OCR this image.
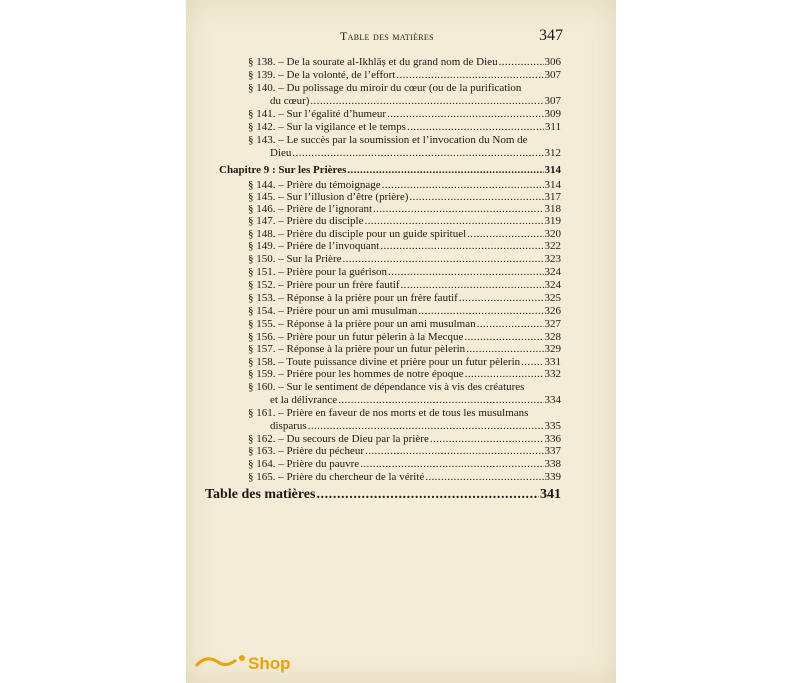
Table des matières	347
§ 138. – De la sourate al-Ikhlāṣ et du grand nom de Dieu .....	306
§ 139. – De la volonté, de l’effort .....	307
§ 140. – Du polissage du miroir du cœur (ou de la purification
du cœur) .....	307
§ 141. – Sur l’égalité d’humeur .....	309
§ 142. – Sur la vigilance et le temps .....	311
§ 143. – Le succès par la soumission et l’invocation du Nom de
Dieu .....	312
Chapitre 9 : Sur les Prières .....	314
§ 144. – Prière du témoignage .....	314
§ 145. – Sur l’illusion d’être (prière) .....	317
§ 146. – Prière de l’ignorant .....	318
§ 147. – Prière du disciple .....	319
§ 148. – Prière du disciple pour un guide spirituel .....	320
§ 149. – Prière de l’invoquant .....	322
§ 150. – Sur la Prière .....	323
§ 151. – Prière pour la guérison .....	324
§ 152. – Prière pour un frère fautif .....	324
§ 153. – Réponse à la prière pour un frère fautif .....	325
§ 154. – Prière pour un ami musulman .....	326
§ 155. – Réponse à la prière pour un ami musulman .....	327
§ 156. – Prière pour un futur pèlerin à la Mecque .....	328
§ 157. – Réponse à la prière pour un futur pèlerin .....	329
§ 158. – Toute puissance divine et prière pour un futur pèlerin ..... 331
§ 159. – Prière pour les hommes de notre époque .....	332
§ 160. – Sur le sentiment de dépendance vis à vis des créatures
et la délivrance .....	334
§ 161. – Prière en faveur de nos morts et de tous les musulmans
disparus .....	335
§ 162. – Du secours de Dieu par la prière .....	336
§ 163. – Prière du pécheur .....	337
§ 164. – Prière du pauvre .....	338
§ 165. – Prière du chercheur de la vérité .....	339
Table des matières .....	341
Shop
